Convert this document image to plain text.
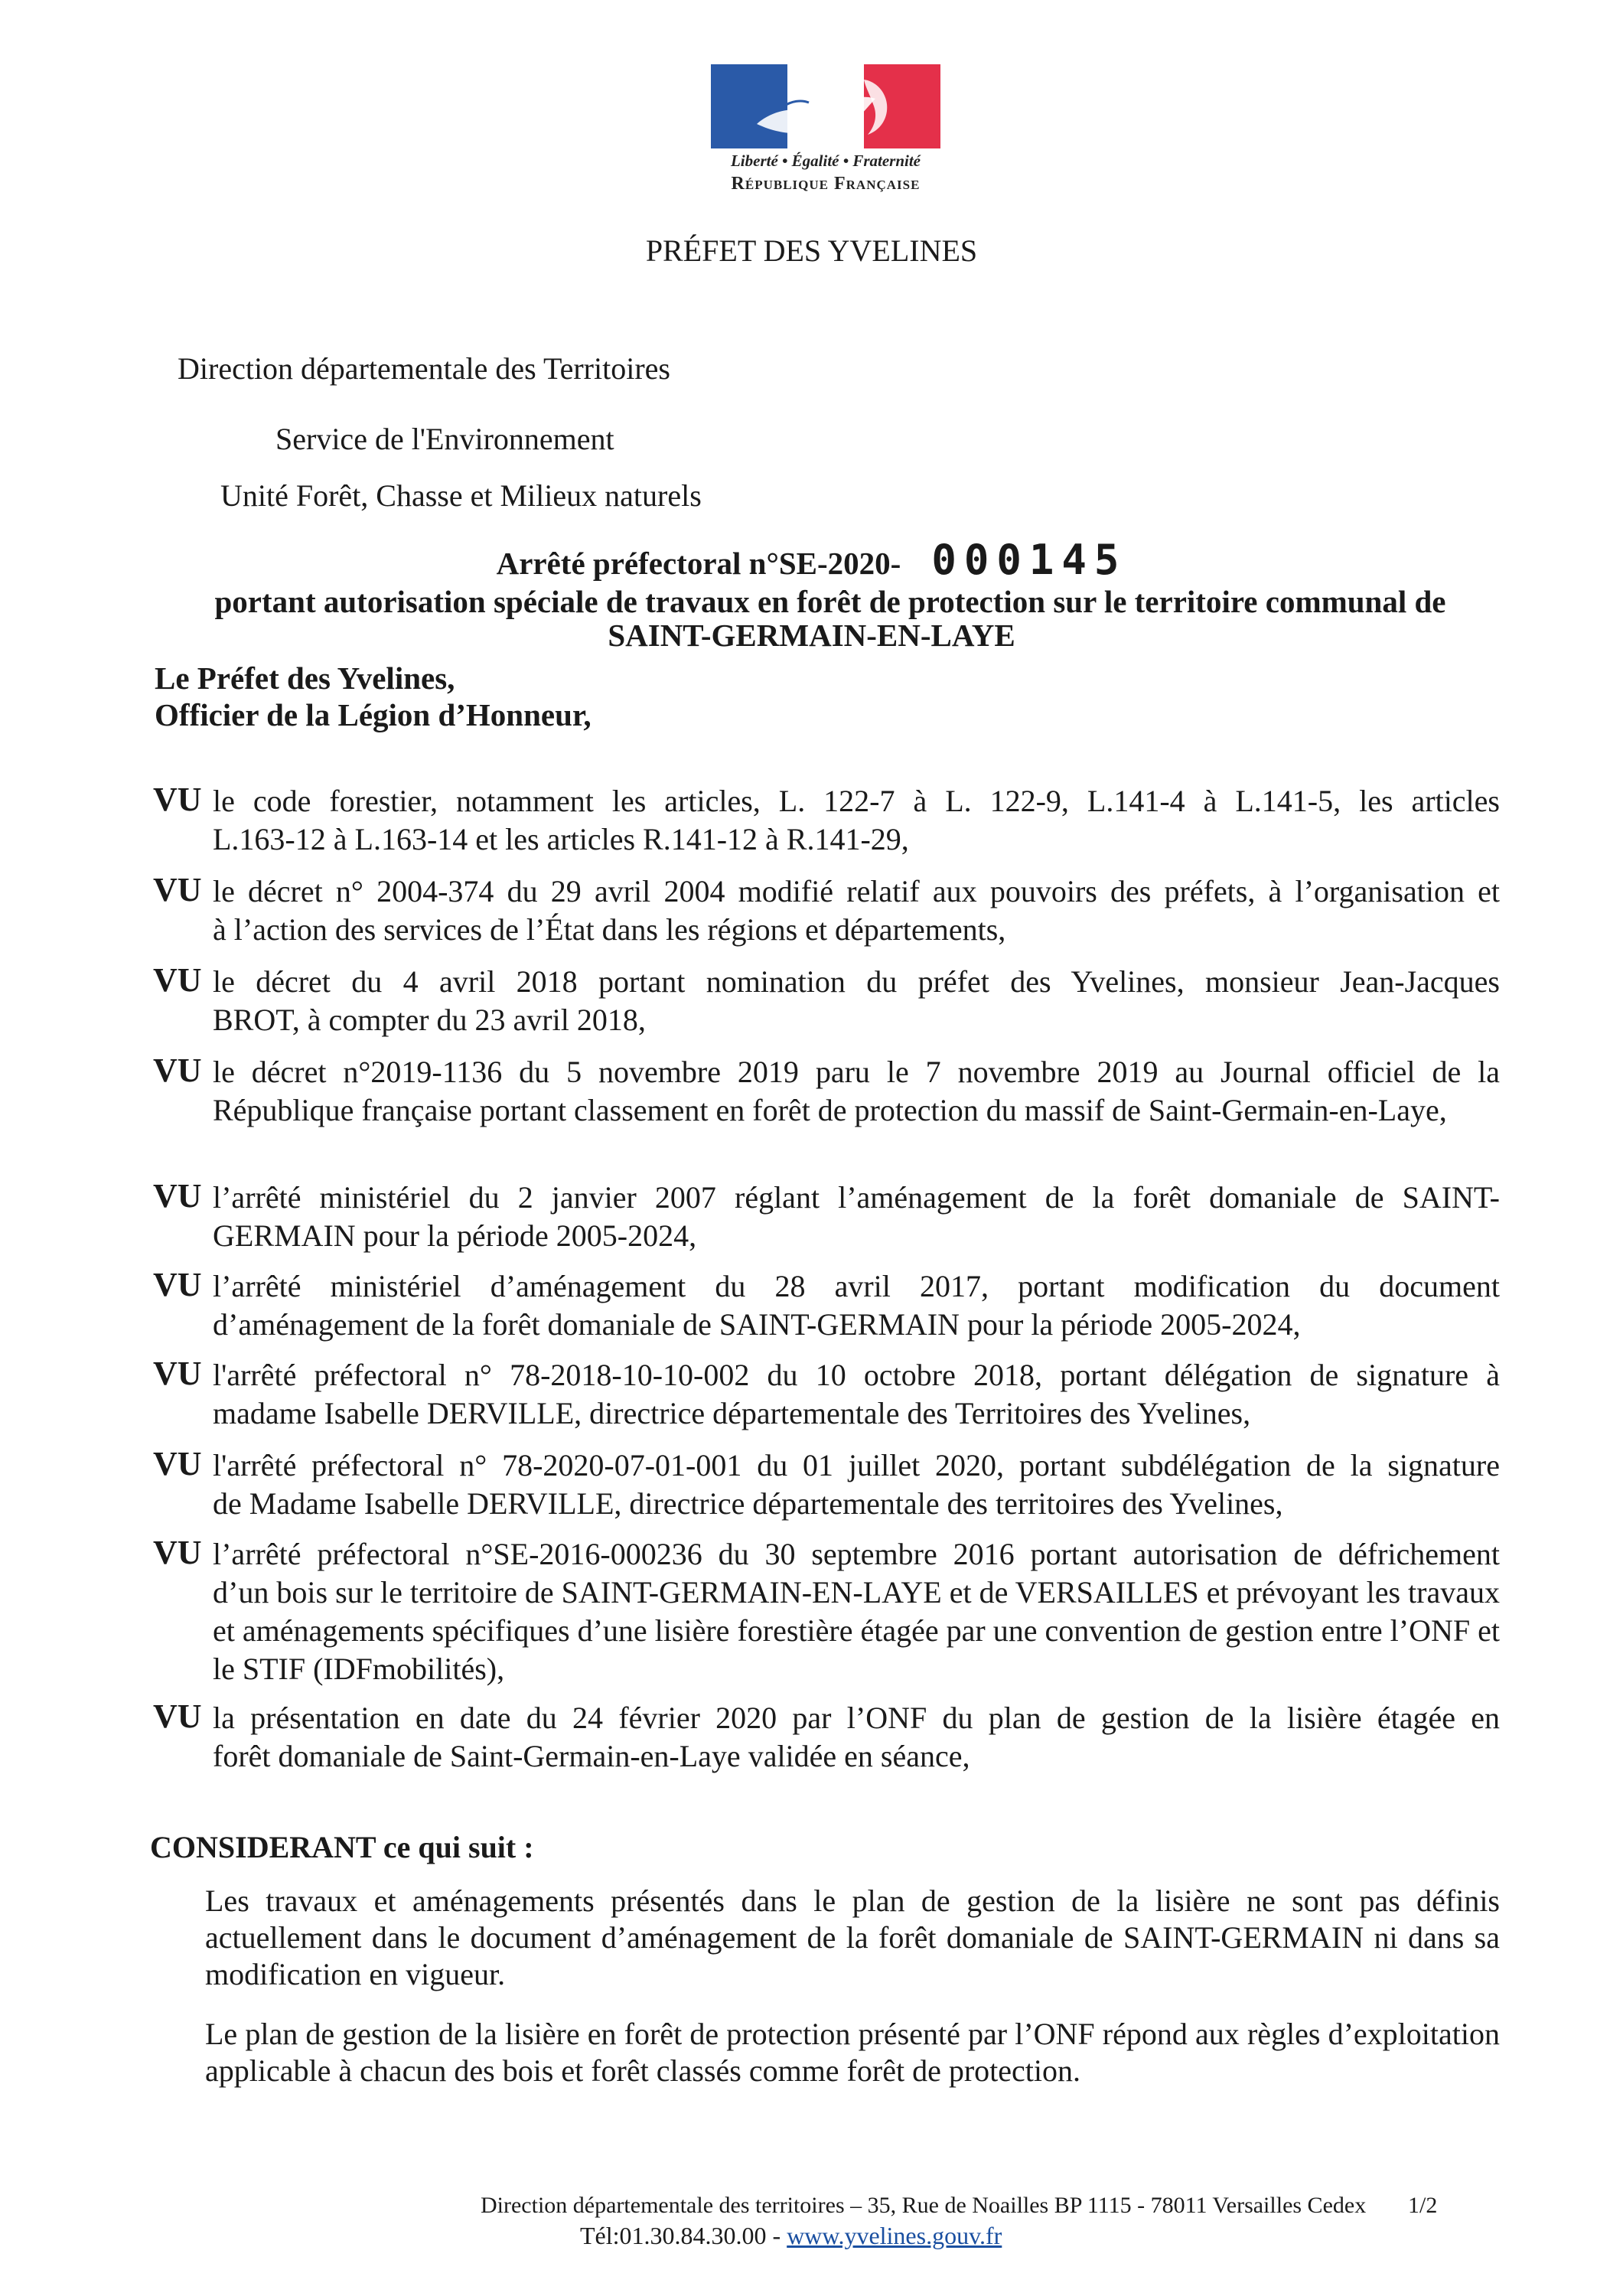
Liberté • Égalité • Fraternité
République Française
PRÉFET DES YVELINES
Direction départementale des Territoires
Service de l'Environnement
Unité Forêt, Chasse et Milieux naturels
Arrêté préfectoral n°SE-2020- 000145
portant autorisation spéciale de travaux en forêt de protection sur le territoire communal de
SAINT-GERMAIN-EN-LAYE
Le Préfet des Yvelines,
Officier de la Légion d’Honneur,
VU le code forestier, notamment les articles, L. 122-7 à L. 122-9, L.141-4 à L.141-5, les articles
L.163-12 à L.163-14 et les articles R.141-12 à R.141-29,
VU le décret n° 2004-374 du 29 avril 2004 modifié relatif aux pouvoirs des préfets, à l’organisation et
à l’action des services de l’État dans les régions et départements,
VU le décret du 4 avril 2018 portant nomination du préfet des Yvelines, monsieur Jean-Jacques
BROT, à compter du 23 avril 2018,
VU le décret n°2019-1136 du 5 novembre 2019 paru le 7 novembre 2019 au Journal officiel de la
République française portant classement en forêt de protection du massif de Saint-Germain-en-Laye,
VU l’arrêté ministériel du 2 janvier 2007 réglant l’aménagement de la forêt domaniale de SAINT-
GERMAIN pour la période 2005-2024,
VU l’arrêté ministériel d’aménagement du 28 avril 2017, portant modification du document
d’aménagement de la forêt domaniale de SAINT-GERMAIN pour la période 2005-2024,
VU l'arrêté préfectoral n° 78-2018-10-10-002 du 10 octobre 2018, portant délégation de signature à
madame Isabelle DERVILLE, directrice départementale des Territoires des Yvelines,
VU l'arrêté préfectoral n° 78-2020-07-01-001 du 01 juillet 2020, portant subdélégation de la signature
de Madame Isabelle DERVILLE, directrice départementale des territoires des Yvelines,
VU l’arrêté préfectoral n°SE-2016-000236 du 30 septembre 2016 portant autorisation de défrichement
d’un bois sur le territoire de SAINT-GERMAIN-EN-LAYE et de VERSAILLES et prévoyant les travaux et aménagements spécifiques d’une lisière forestière étagée par une convention de gestion entre l’ONF et le STIF (IDFmobilités),
VU la présentation en date du 24 février 2020 par l’ONF du plan de gestion de la lisière étagée en
forêt domaniale de Saint-Germain-en-Laye validée en séance,
CONSIDERANT ce qui suit :
Les travaux et aménagements présentés dans le plan de gestion de la lisière ne sont pas définis actuellement dans le document d’aménagement de la forêt domaniale de SAINT-GERMAIN ni dans sa modification en vigueur.
Le plan de gestion de la lisière en forêt de protection présenté par l’ONF répond aux règles d’exploitation applicable à chacun des bois et forêt classés comme forêt de protection.
Direction départementale des territoires – 35, Rue de Noailles BP 1115 - 78011 Versailles Cedex 1/2
Tél:01.30.84.30.00 - www.yvelines.gouv.fr
